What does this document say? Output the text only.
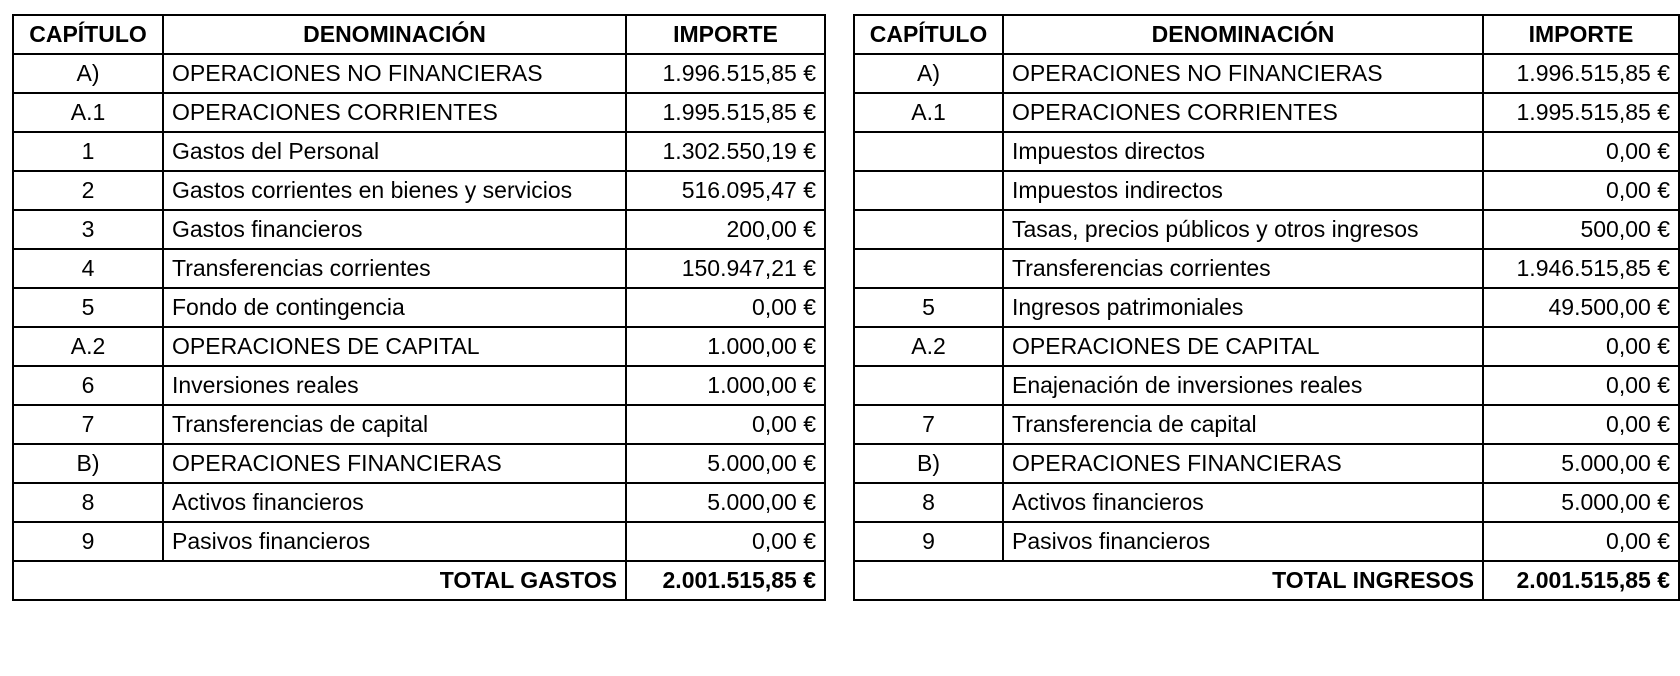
CAPÍTULO	DENOMINACIÓN	IMPORTE
A)	OPERACIONES NO FINANCIERAS	1.996.515,85 €
A.1	OPERACIONES CORRIENTES	1.995.515,85 €
1	Gastos del Personal	1.302.550,19 €
2	Gastos corrientes en bienes y servicios	516.095,47 €
3	Gastos financieros	200,00 €
4	Transferencias corrientes	150.947,21 €
5	Fondo de contingencia	0,00 €
A.2	OPERACIONES DE CAPITAL	1.000,00 €
6	Inversiones reales	1.000,00 €
7	Transferencias de capital	0,00 €
B)	OPERACIONES FINANCIERAS	5.000,00 €
8	Activos financieros	5.000,00 €
9	Pasivos financieros	0,00 €
TOTAL GASTOS		2.001.515,85 €
CAPÍTULO	DENOMINACIÓN	IMPORTE
A)	OPERACIONES NO FINANCIERAS	1.996.515,85 €
A.1	OPERACIONES CORRIENTES	1.995.515,85 €
	Impuestos directos	0,00 €
	Impuestos indirectos	0,00 €
	Tasas, precios públicos y otros ingresos	500,00 €
	Transferencias corrientes	1.946.515,85 €
5	Ingresos patrimoniales	49.500,00 €
A.2	OPERACIONES DE CAPITAL	0,00 €
	Enajenación de inversiones reales	0,00 €
7	Transferencia de capital	0,00 €
B)	OPERACIONES FINANCIERAS	5.000,00 €
8	Activos financieros	5.000,00 €
9	Pasivos financieros	0,00 €
TOTAL INGRESOS		2.001.515,85 €
